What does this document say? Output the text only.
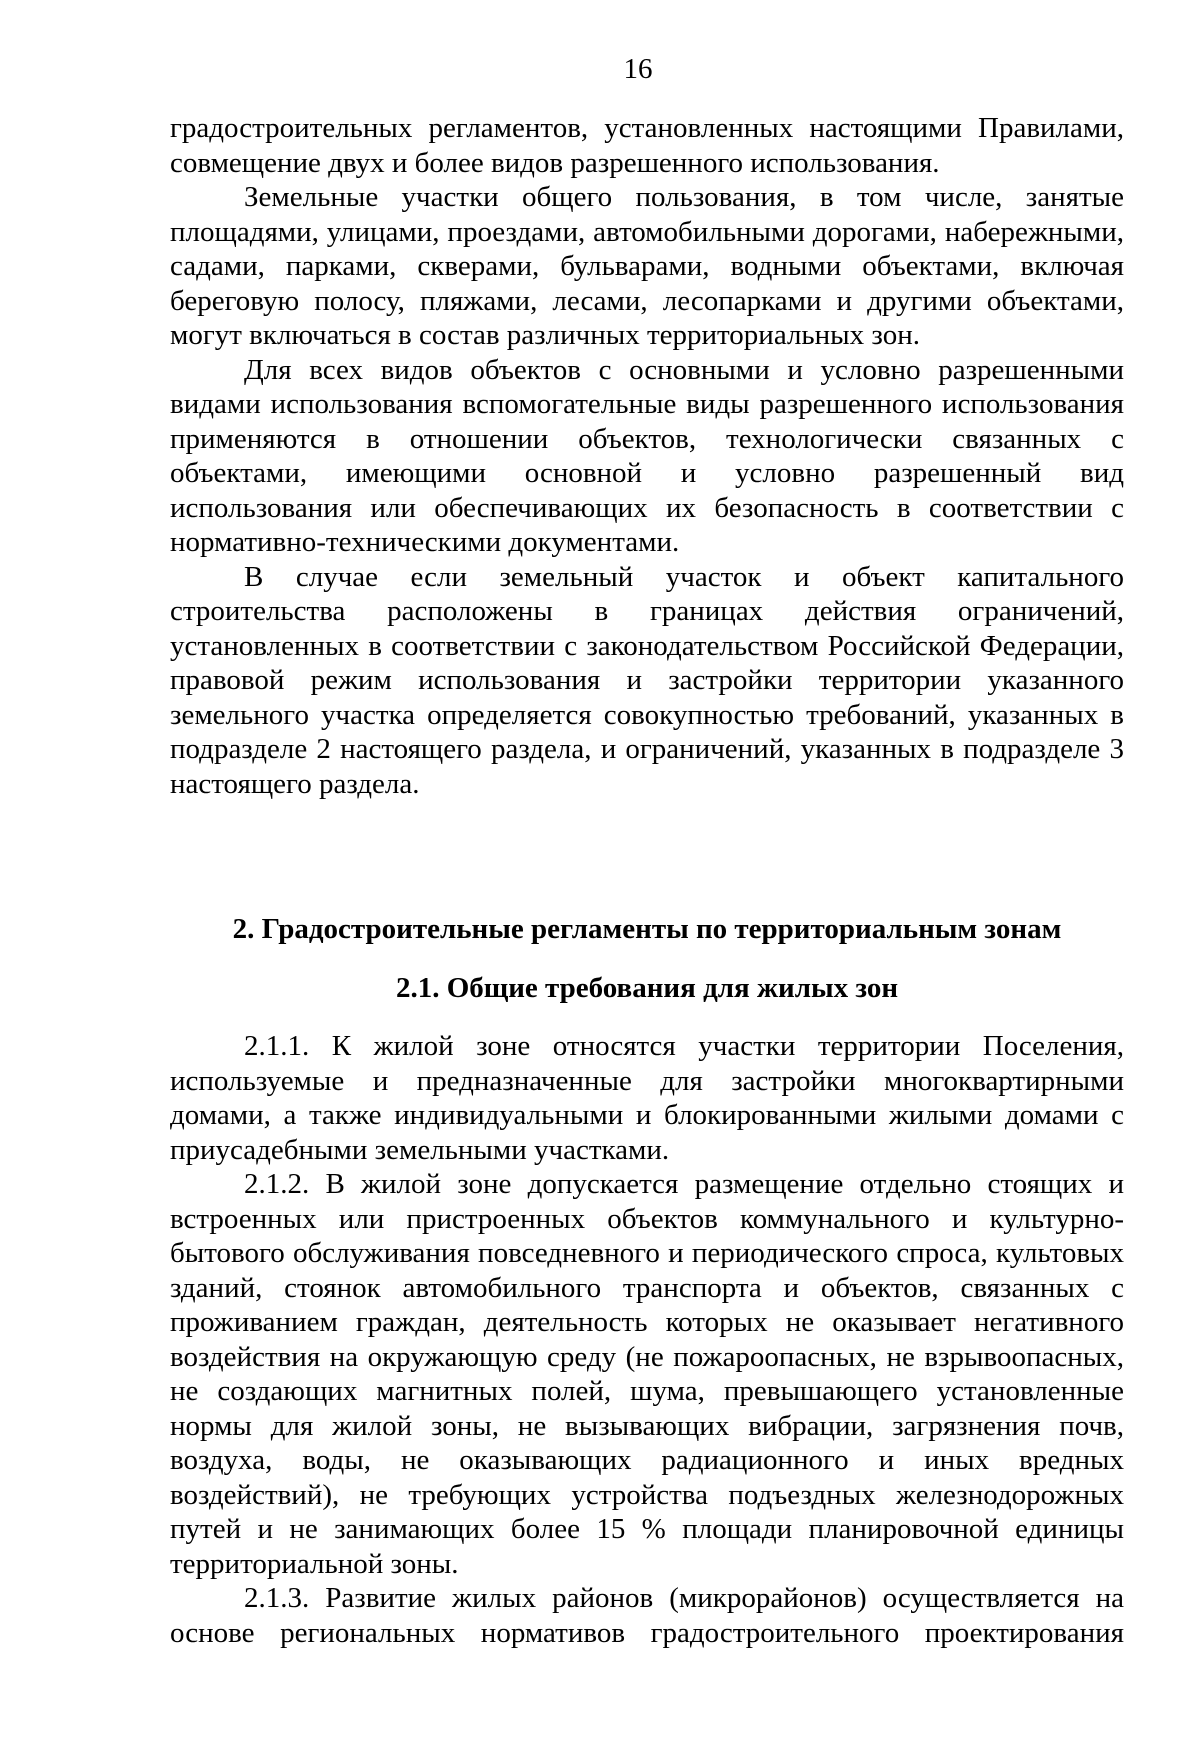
16

градостроительных регламентов, установленных настоящими Правилами, совмещение двух и более видов разрешенного использования.

Земельные участки общего пользования, в том числе, занятые площадями, улицами, проездами, автомобильными дорогами, набережными, садами, парками, скверами, бульварами, водными объектами, включая береговую полосу, пляжами, лесами, лесопарками и другими объектами, могут включаться в состав различных территориальных зон.

Для всех видов объектов с основными и условно разрешенными видами использования вспомогательные виды разрешенного использования применяются в отношении объектов, технологически связанных с объектами, имеющими основной и условно разрешенный вид использования или обеспечивающих их безопасность в соответствии с нормативно-техническими документами.

В случае если земельный участок и объект капитального строительства расположены в границах действия ограничений, установленных в соответствии с законодательством Российской Федерации, правовой режим использования и застройки территории указанного земельного участка определяется совокупностью требований, указанных в подразделе 2 настоящего раздела, и ограничений, указанных в подразделе 3 настоящего раздела.

2. Градостроительные регламенты по территориальным зонам
2.1. Общие требования для жилых зон

2.1.1. К жилой зоне относятся участки территории Поселения, используемые и предназначенные для застройки многоквартирными домами, а также индивидуальными и блокированными жилыми домами с приусадебными земельными участками.

2.1.2. В жилой зоне допускается размещение отдельно стоящих и встроенных или пристроенных объектов коммунального и культурно-бытового обслуживания повседневного и периодического спроса, культовых зданий, стоянок автомобильного транспорта и объектов, связанных с проживанием граждан, деятельность которых не оказывает негативного воздействия на окружающую среду (не пожароопасных, не взрывоопасных, не создающих магнитных полей, шума, превышающего установленные нормы для жилой зоны, не вызывающих вибрации, загрязнения почв, воздуха, воды, не оказывающих радиационного и иных вредных воздействий), не требующих устройства подъездных железнодорожных путей и не занимающих более 15 % площади планировочной единицы территориальной зоны.

2.1.3. Развитие жилых районов (микрорайонов) осуществляется на основе региональных нормативов градостроительного проектирования
